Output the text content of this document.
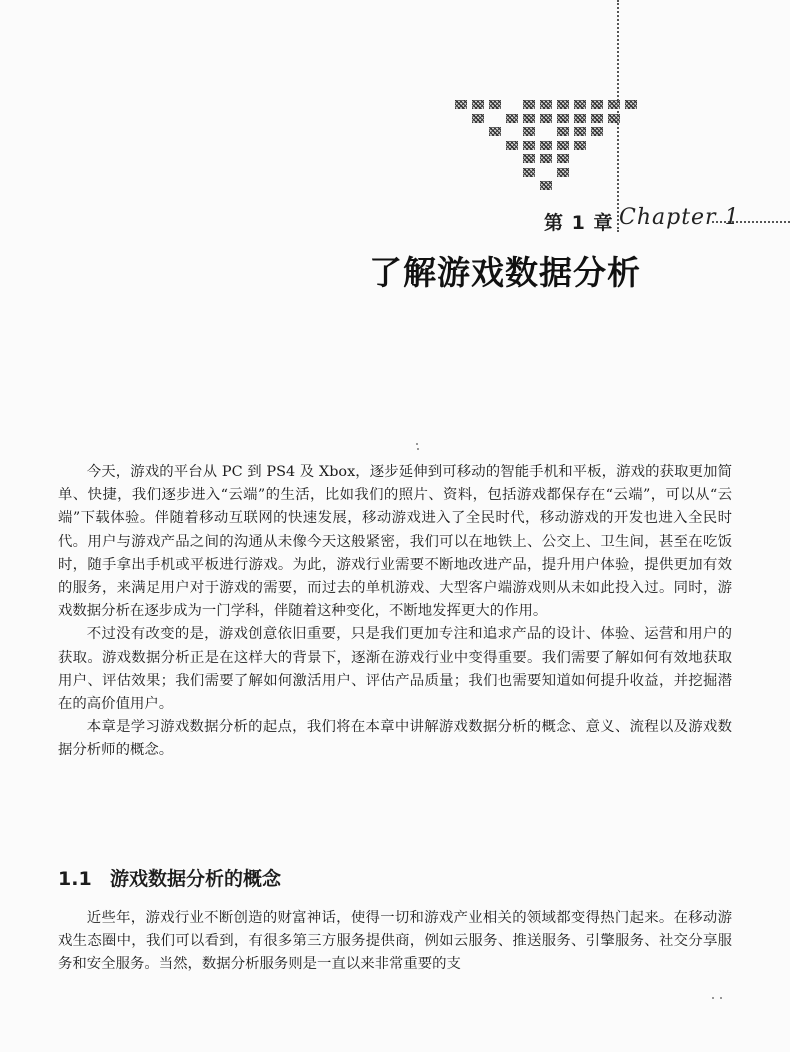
第 1 章 Chapter 1
了解游戏数据分析

今天，游戏的平台从 PC 到 PS4 及 Xbox，逐步延伸到可移动的智能手机和平板，游戏的获取更加简单、快捷，我们逐步进入“云端”的生活，比如我们的照片、资料，包括游戏都保存在“云端”，可以从“云端”下载体验。伴随着移动互联网的快速发展，移动游戏进入了全民时代，移动游戏的开发也进入全民时代。用户与游戏产品之间的沟通从未像今天这般紧密，我们可以在地铁上、公交上、卫生间，甚至在吃饭时，随手拿出手机或平板进行游戏。为此，游戏行业需要不断地改进产品，提升用户体验，提供更加有效的服务，来满足用户对于游戏的需要，而过去的单机游戏、大型客户端游戏则从未如此投入过。同时，游戏数据分析在逐步成为一门学科，伴随着这种变化，不断地发挥更大的作用。

不过没有改变的是，游戏创意依旧重要，只是我们更加专注和追求产品的设计、体验、运营和用户的获取。游戏数据分析正是在这样大的背景下，逐渐在游戏行业中变得重要。我们需要了解如何有效地获取用户、评估效果；我们需要了解如何激活用户、评估产品质量；我们也需要知道如何提升收益，并挖掘潜在的高价值用户。

本章是学习游戏数据分析的起点，我们将在本章中讲解游戏数据分析的概念、意义、流程以及游戏数据分析师的概念。

1.1 游戏数据分析的概念

近些年，游戏行业不断创造的财富神话，使得一切和游戏产业相关的领域都变得热门起来。在移动游戏生态圈中，我们可以看到，有很多第三方服务提供商，例如云服务、推送服务、引擎服务、社交分享服务和安全服务。当然，数据分析服务则是一直以来非常重要的支
